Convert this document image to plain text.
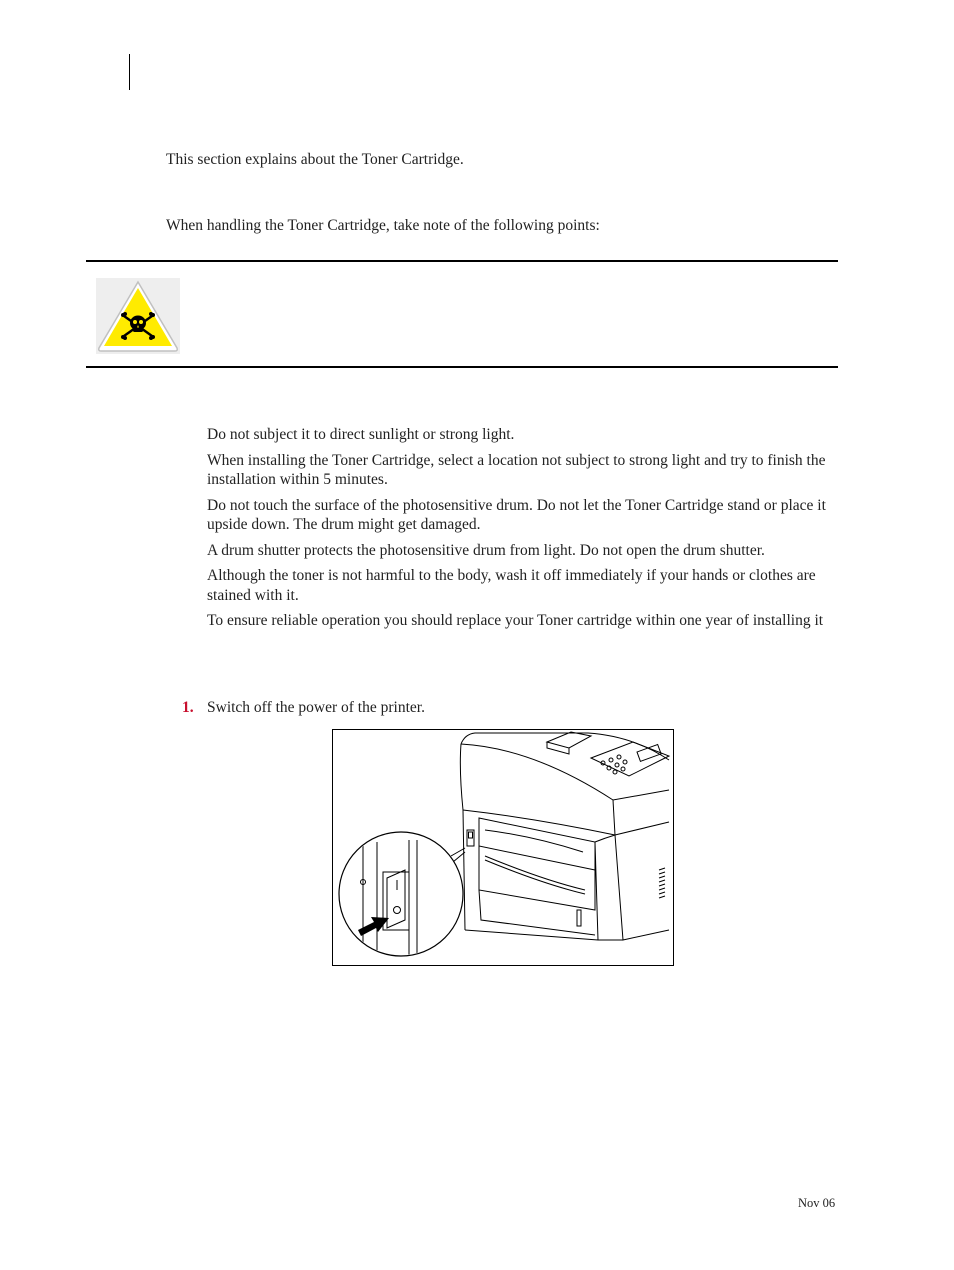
This section explains about the Toner Cartridge.
When handling the Toner Cartridge, take note of the following points:
Do not subject it to direct sunlight or strong light.
When installing the Toner Cartridge, select a location not subject to strong light and try to finish the installation within 5 minutes.
Do not touch the surface of the photosensitive drum. Do not let the Toner Cartridge stand or place it upside down. The drum might get damaged.
A drum shutter protects the photosensitive drum from light. Do not open the drum shutter.
Although the toner is not harmful to the body, wash it off immediately if your hands or clothes are stained with it.
To ensure reliable operation you should replace your Toner cartridge within one year of installing it
1. Switch off the power of the printer.
Nov 06
